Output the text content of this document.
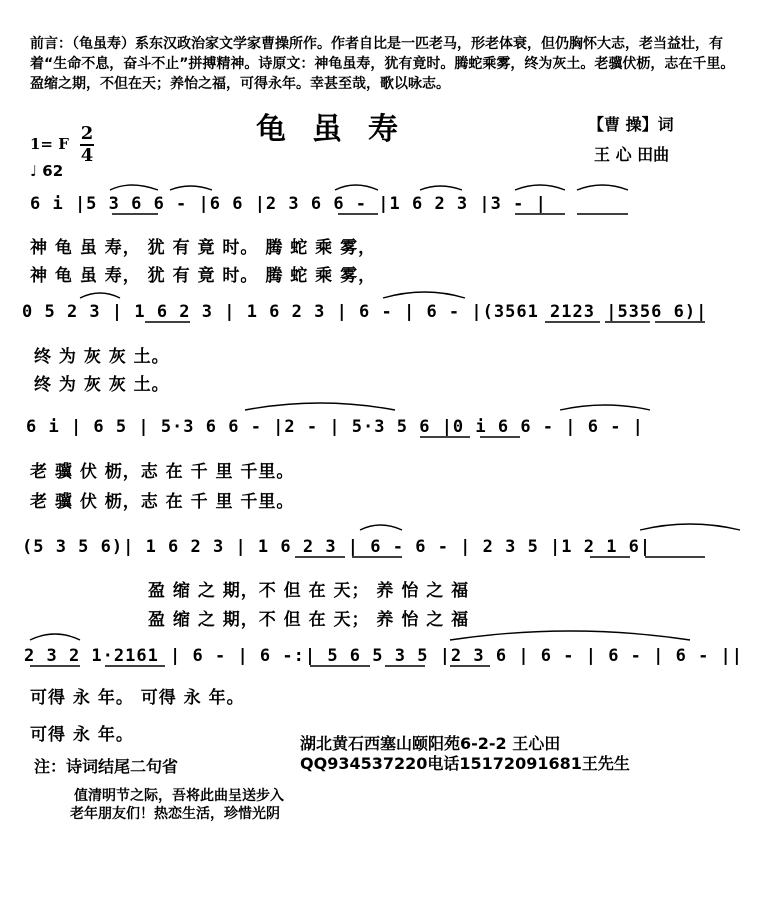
前言：（龟虽寿）系东汉政治家文学家曹操所作。作者自比是一匹老马，形老体衰，但仍胸怀大志，老当益壮，有着“生命不息，奋斗不止”拼搏精神。诗原文：神龟虽寿，犹有竟时。腾蛇乘雾，终为灰土。老骥伏枥，志在千里。盈缩之期，不但在天；养怡之福，可得永年。幸甚至哉，歌以咏志。
龟虽寿	【曹 操】词
王 心 田曲
1= F 2
4
♩ 62
6 i |5 3 6 6 - |6 6 |2 3 6 6 - |1 6 2 3 |3 - |
神 龟 虽 寿， 犹 有 竟 时。 腾 蛇 乘 雾，
神 龟 虽 寿， 犹 有 竟 时。 腾 蛇 乘 雾，
0 5 2 3 | 1 6 2 3 | 1 6 2 3 | 6 - | 6 - |(3561 2123 |5356 6)|
终 为 灰 灰 土。
终 为 灰 灰 土。
6 i | 6 5 | 5·3 6 6 - |2 - | 5·3 5 6 |0 i 6 6 - | 6 - |
老 骥 伏 枥，志 在 千 里 千里。
老 骥 伏 枥，志 在 千 里 千里。
(5 3 5 6)| 1 6 2 3 | 1 6 2 3 | 6 - 6 - | 2 3 5 |1 2 1 6|
盈 缩 之 期，不 但 在 天； 养 怡 之 福
盈 缩 之 期，不 但 在 天； 养 怡 之 福
2 3 2 1·2161 | 6 - | 6 -:| 5 6 5 3 5 |2 3 6 | 6 - | 6 - | 6 - ||
可得 永 年。 可得 永 年。
可得 永 年。
注：诗词结尾二句省
湖北黄石西塞山颐阳苑6-2-2 王心田
QQ934537220电话15172091681王先生
值清明节之际，吾将此曲呈送步入
老年朋友们！热恋生活，珍惜光阴
